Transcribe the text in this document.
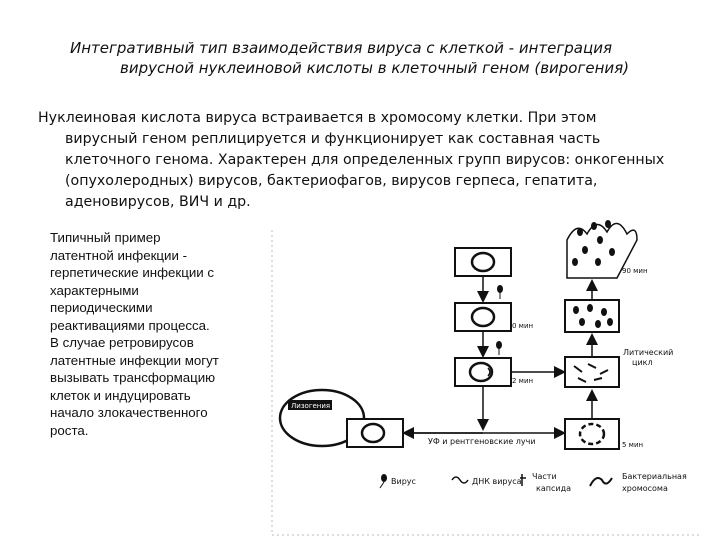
Интегративный тип взаимодействия вируса с клеткой - интеграция
вирусной нуклеиновой кислоты в клеточный геном (вирогения)
Нуклеиновая кислота вируса встраивается в хромосому клетки. При этом
вирусный геном реплицируется и функционирует как составная часть
клеточного генома. Характерен для определенных групп вирусов: онкогенных
(опухолеродных) вирусов, бактериофагов, вирусов герпеса, гепатита,
аденовирусов, ВИЧ и др.
Типичный пример
латентной инфекции -
герпетические инфекции с
характерными
периодическими
реактивациями процесса.
В случае ретровирусов
латентные инфекции могут
вызывать трансформацию
клеток и индуцировать
начало злокачественного
роста.
Лизогения
90 мин
Литический
цикл
0 мин
2 мин
5 мин
УФ и рентгеновские лучи
Вирус	ДНК вируса
Части
капсида
Бактериальная
хромосома
